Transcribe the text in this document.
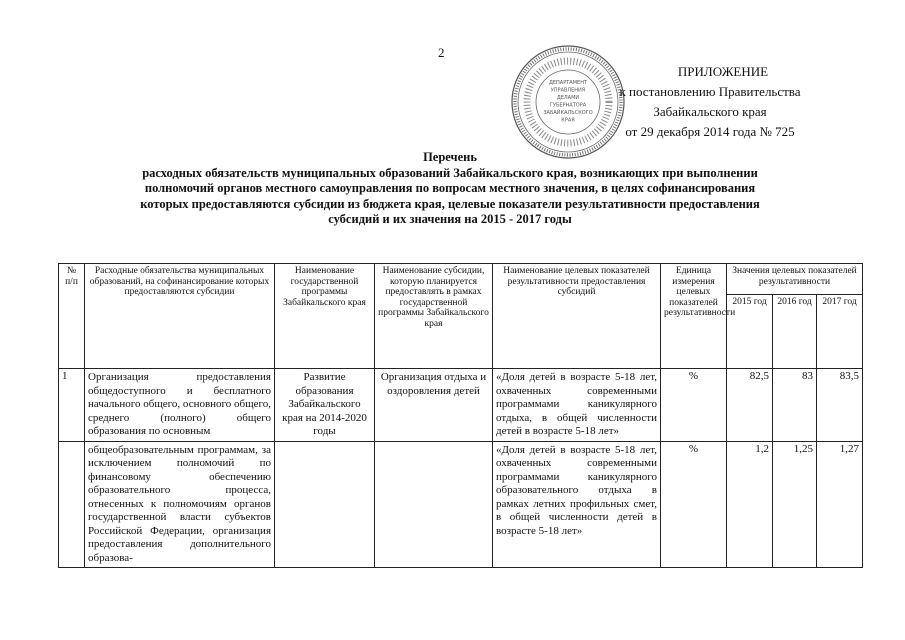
2
ДЕПАРТАМЕНТ
УПРАВЛЕНИЯ
ДЕЛАМИ
ГУБЕРНАТОРА
ЗАБАЙКАЛЬСКОГО
КРАЯ
ПРИЛОЖЕНИЕ
к постановлению Правительства
Забайкальского края
от 29 декабря 2014 года № 725
Перечень
расходных обязательств муниципальных образований Забайкальского края, возникающих при выполнении
полномочий органов местного самоуправления по вопросам местного значения, в целях софинансирования
которых предоставляются субсидии из бюджета края, целевые показатели результативности предоставления
субсидий и их значения на 2015 - 2017 годы
№ п/п	Расходные обязательства муниципальных образований, на софинансирование которых предоставляются субсидии	Наименование государственной программы Забайкальского края	Наименование субсидии, которую планируется предоставлять в рамках государственной программы Забайкальского края	Наименование целевых показателей результативности предоставления субсидий	Единица измерения целевых показателей результативности	Значения целевых показателей результативности		
						2015 год	2016 год	2017 год
1	Организация предоставления общедоступного и бесплатного начального общего, основного общего, среднего (полного) общего образования по основным	Развитие образования Забайкальского края на 2014-2020 годы	Организация отдыха и оздоровления детей	«Доля детей в возрасте 5-18 лет, охваченных современными программами каникулярного отдыха, в общей численности детей в возрасте 5-18 лет»	%	82,5	83	83,5
	общеобразовательным программам, за исключением полномочий по финансовому обеспечению образовательного процесса, отнесенных к полномочиям органов государственной власти субъектов Российской Федерации, организация предоставления дополнительного образова-			«Доля детей в возрасте 5-18 лет, охваченных современными программами каникулярного образовательного отдыха в рамках летних профильных смет, в общей численности детей в возрасте 5-18 лет»	%	1,2	1,25	1,27
